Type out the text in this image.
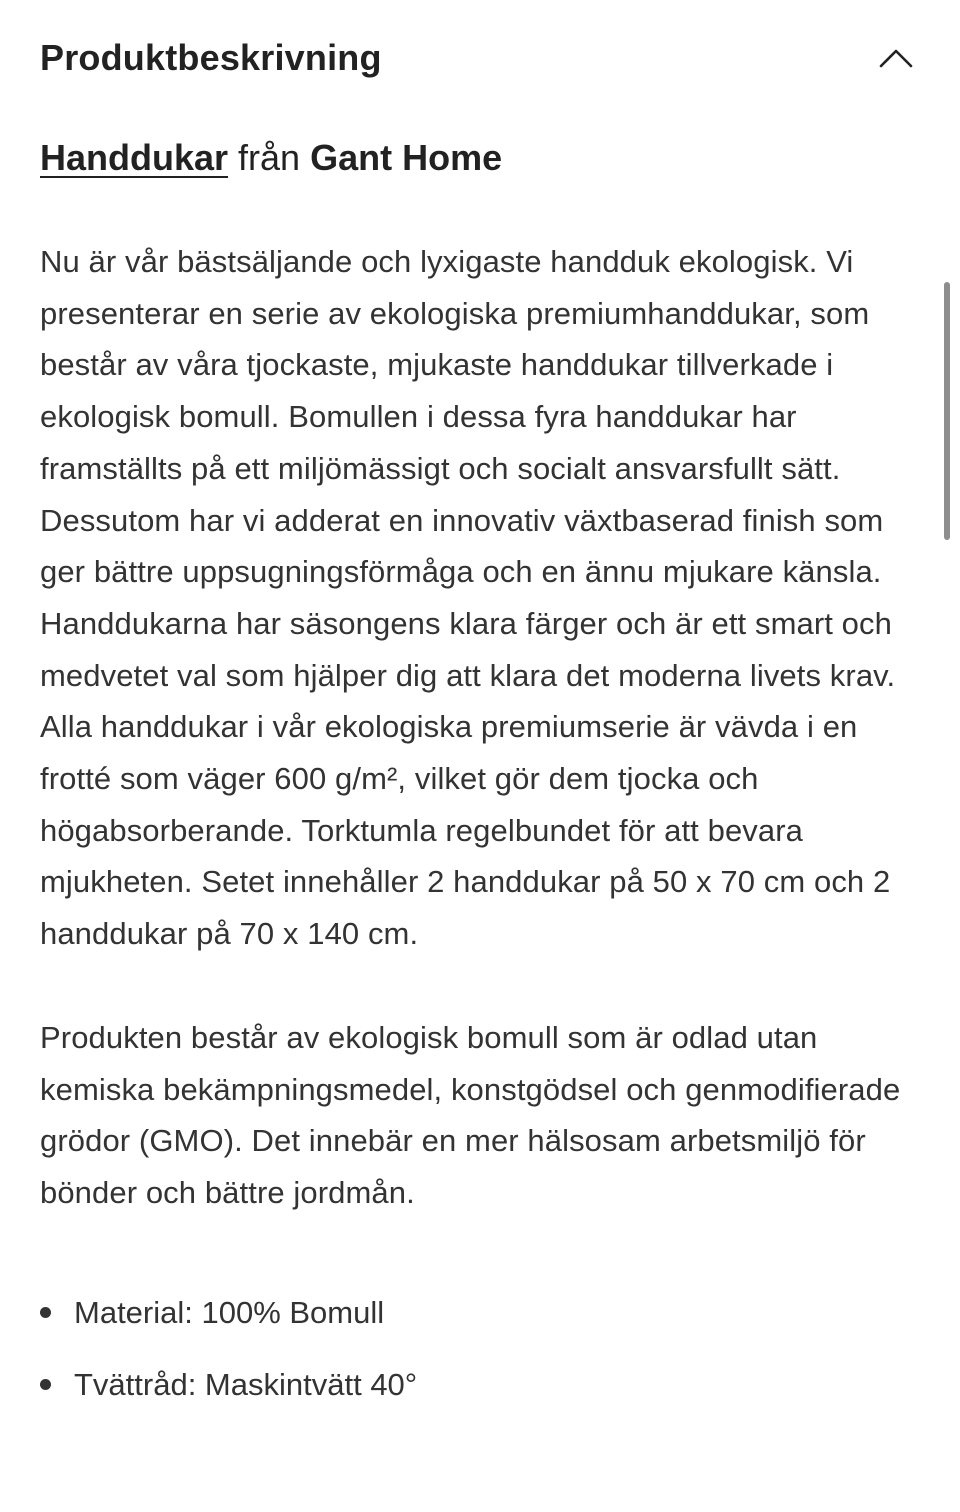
Produktbeskrivning

Handdukar från Gant Home

Nu är vår bästsäljande och lyxigaste handduk ekologisk. Vi presenterar en serie av ekologiska premiumhanddukar, som består av våra tjockaste, mjukaste handdukar tillverkade i ekologisk bomull. Bomullen i dessa fyra handdukar har framställts på ett miljömässigt och socialt ansvarsfullt sätt. Dessutom har vi adderat en innovativ växtbaserad finish som ger bättre uppsugningsförmåga och en ännu mjukare känsla. Handdukarna har säsongens klara färger och är ett smart och medvetet val som hjälper dig att klara det moderna livets krav. Alla handdukar i vår ekologiska premiumserie är vävda i en frotté som väger 600 g/m², vilket gör dem tjocka och högabsorberande. Torktumla regelbundet för att bevara mjukheten. Setet innehåller 2 handdukar på 50 x 70 cm och 2 handdukar på 70 x 140 cm.

Produkten består av ekologisk bomull som är odlad utan kemiska bekämpningsmedel, konstgödsel och genmodifierade grödor (GMO). Det innebär en mer hälsosam arbetsmiljö för bönder och bättre jordmån.

Material: 100% Bomull
Tvättråd: Maskintvätt 40°
